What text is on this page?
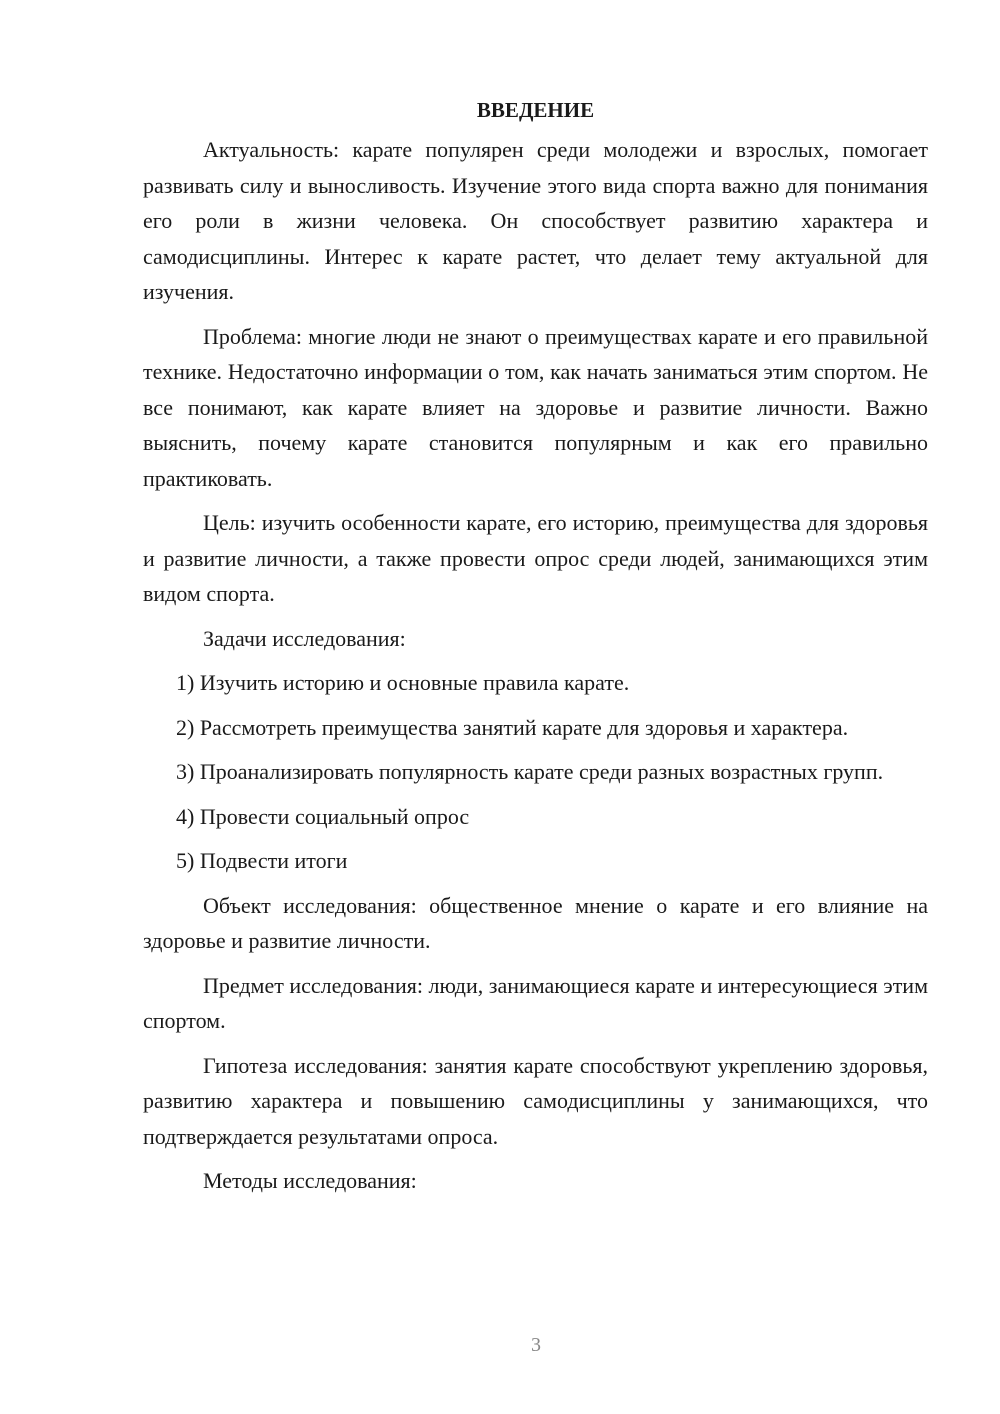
ВВЕДЕНИЕ

Актуальность: карате популярен среди молодежи и взрослых, помогает развивать силу и выносливость. Изучение этого вида спорта важно для понимания его роли в жизни человека. Он способствует развитию характера и самодисциплины. Интерес к карате растет, что делает тему актуальной для изучения.

Проблема: многие люди не знают о преимуществах карате и его правильной технике. Недостаточно информации о том, как начать заниматься этим спортом. Не все понимают, как карате влияет на здоровье и развитие личности. Важно выяснить, почему карате становится популярным и как его правильно практиковать.

Цель: изучить особенности карате, его историю, преимущества для здоровья и развитие личности, а также провести опрос среди людей, занимающихся этим видом спорта.

Задачи исследования:

1) Изучить историю и основные правила карате.

2) Рассмотреть преимущества занятий карате для здоровья и характера.

3) Проанализировать популярность карате среди разных возрастных групп.

4) Провести социальный опрос

5) Подвести итоги

Объект исследования: общественное мнение о карате и его влияние на здоровье и развитие личности.

Предмет исследования: люди, занимающиеся карате и интересующиеся этим спортом.

Гипотеза исследования: занятия карате способствуют укреплению здоровья, развитию характера и повышению самодисциплины у занимающихся, что подтверждается результатами опроса.

Методы исследования:

3
